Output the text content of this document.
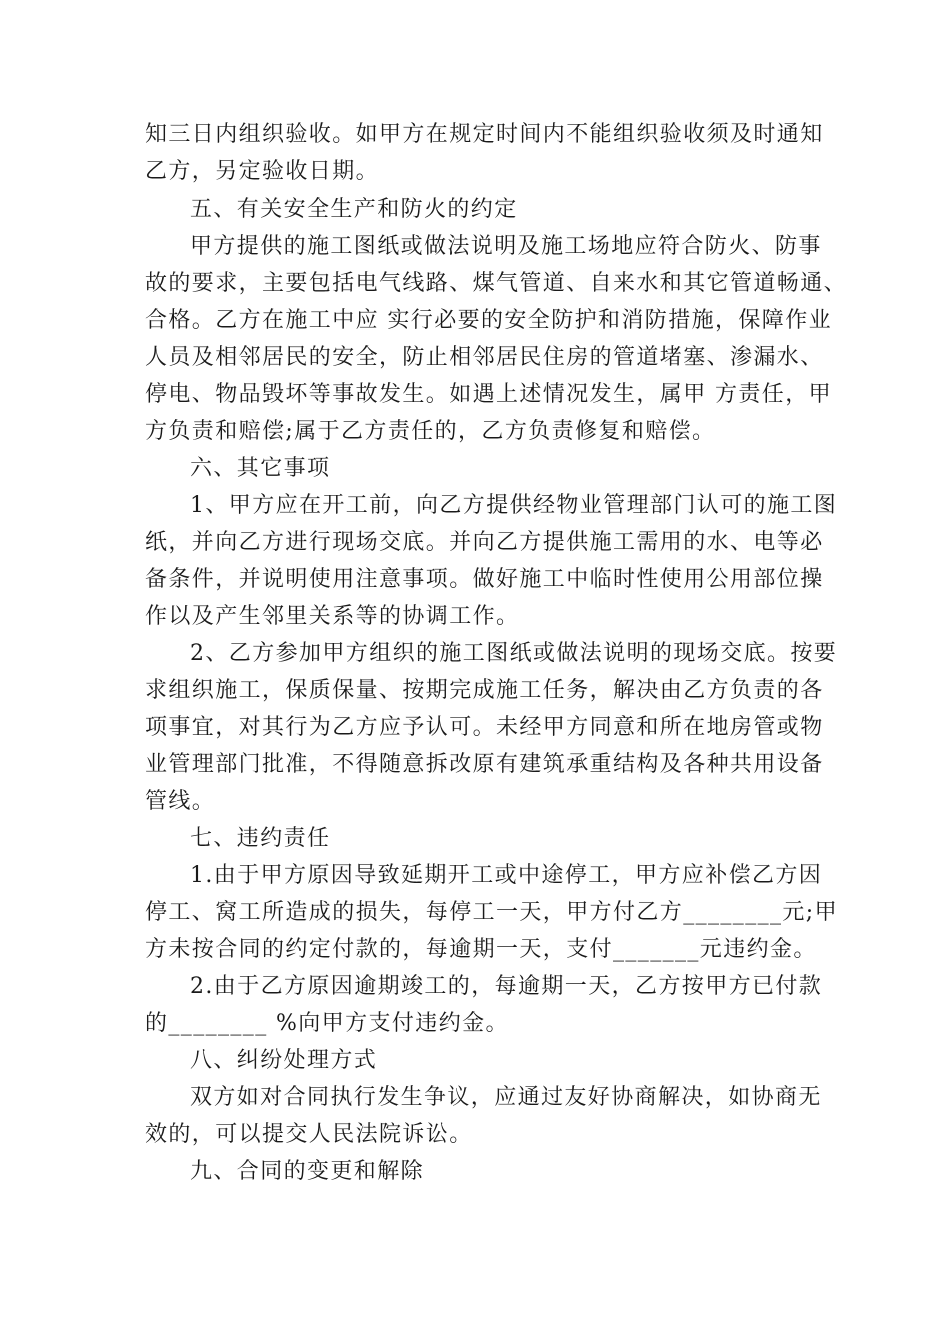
知三日内组织验收。如甲方在规定时间内不能组织验收须及时通知
乙方，另定验收日期。
五、有关安全生产和防火的约定
甲方提供的施工图纸或做法说明及施工场地应符合防火、防事
故的要求，主要包括电气线路、煤气管道、自来水和其它管道畅通、
合格。乙方在施工中应 实行必要的安全防护和消防措施，保障作业
人员及相邻居民的安全，防止相邻居民住房的管道堵塞、渗漏水、
停电、物品毁坏等事故发生。如遇上述情况发生，属甲 方责任，甲
方负责和赔偿;属于乙方责任的，乙方负责修复和赔偿。
六、其它事项
1、甲方应在开工前，向乙方提供经物业管理部门认可的施工图
纸，并向乙方进行现场交底。并向乙方提供施工需用的水、电等必
备条件，并说明使用注意事项。做好施工中临时性使用公用部位操
作以及产生邻里关系等的协调工作。
2、乙方参加甲方组织的施工图纸或做法说明的现场交底。按要
求组织施工，保质保量、按期完成施工任务，解决由乙方负责的各
项事宜，对其行为乙方应予认可。未经甲方同意和所在地房管或物
业管理部门批准，不得随意拆改原有建筑承重结构及各种共用设备
管线。
七、违约责任
1.由于甲方原因导致延期开工或中途停工，甲方应补偿乙方因
停工、窝工所造成的损失，每停工一天，甲方付乙方________元;甲
方未按合同的约定付款的，每逾期一天，支付_______元违约金。
2.由于乙方原因逾期竣工的，每逾期一天，乙方按甲方已付款
的________ %向甲方支付违约金。
八、纠纷处理方式
双方如对合同执行发生争议，应通过友好协商解决，如协商无
效的，可以提交人民法院诉讼。
九、合同的变更和解除
